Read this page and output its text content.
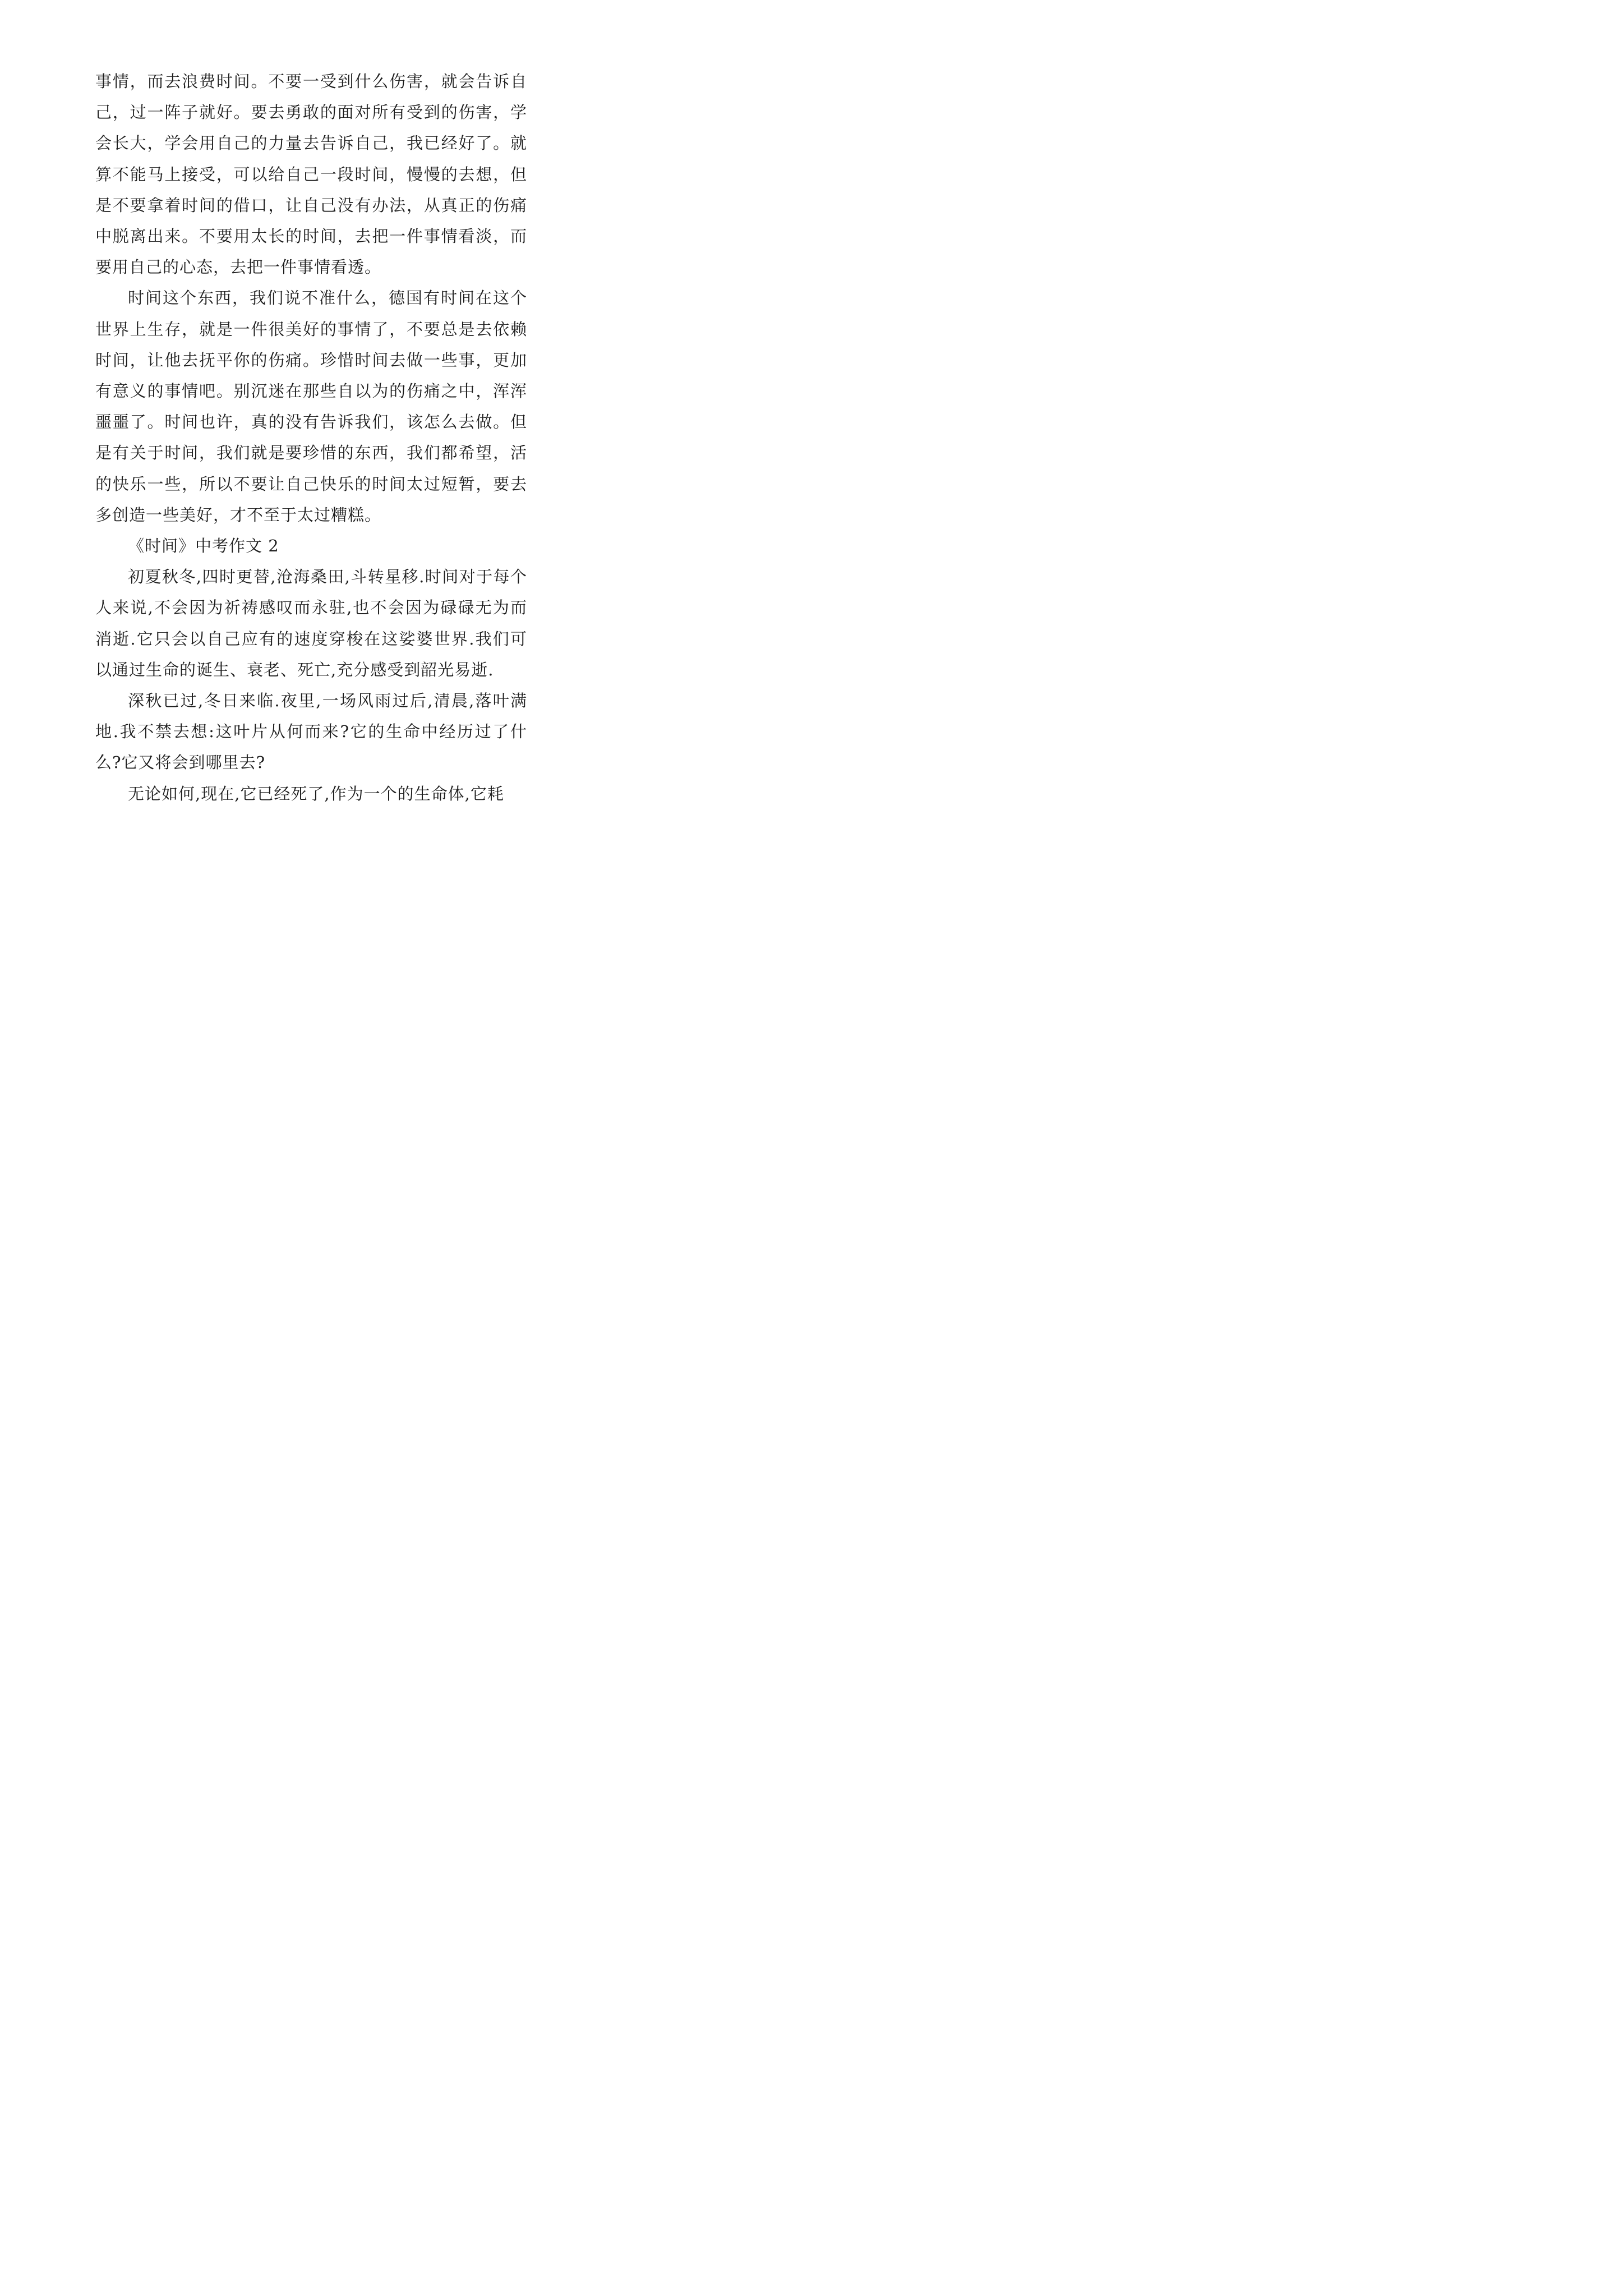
事情，而去浪费时间。不要一受到什么伤害，就会告诉自己，过一阵子就好。要去勇敢的面对所有受到的伤害，学会长大，学会用自己的力量去告诉自己，我已经好了。就算不能马上接受，可以给自己一段时间，慢慢的去想，但是不要拿着时间的借口，让自己没有办法，从真正的伤痛中脱离出来。不要用太长的时间，去把一件事情看淡，而要用自己的心态，去把一件事情看透。

时间这个东西，我们说不准什么，德国有时间在这个世界上生存，就是一件很美好的事情了，不要总是去依赖时间，让他去抚平你的伤痛。珍惜时间去做一些事，更加有意义的事情吧。别沉迷在那些自以为的伤痛之中，浑浑噩噩了。时间也许，真的没有告诉我们，该怎么去做。但是有关于时间，我们就是要珍惜的东西，我们都希望，活的快乐一些，所以不要让自己快乐的时间太过短暂，要去多创造一些美好，才不至于太过糟糕。

《时间》中考作文 2

初夏秋冬,四时更替,沧海桑田,斗转星移.时间对于每个人来说,不会因为祈祷感叹而永驻,也不会因为碌碌无为而消逝.它只会以自己应有的速度穿梭在这娑婆世界.我们可以通过生命的诞生、衰老、死亡,充分感受到韶光易逝.

深秋已过,冬日来临.夜里,一场风雨过后,清晨,落叶满地.我不禁去想:这叶片从何而来?它的生命中经历过了什么?它又将会到哪里去?

无论如何,现在,它已经死了,作为一个的生命体,它耗
